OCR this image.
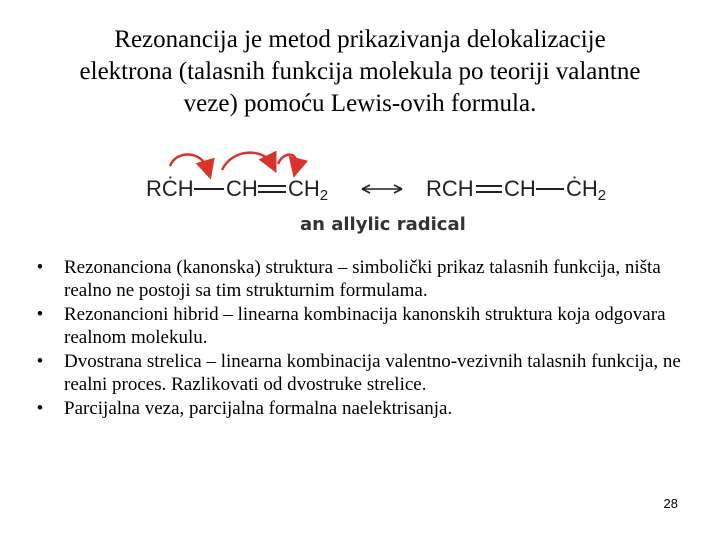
Rezonancija je metod prikazivanja delokalizacije
elektrona (talasnih funkcija molekula po teoriji valantne
veze) pomoću Lewis-ovih formula.
RĊH CH CH2	RCH CH ĊH2
an allylic radical
•	Rezonanciona (kanonska) struktura – simbolički prikaz talasnih funkcija, ništa realno ne postoji sa tim strukturnim formulama.
•	Rezonancioni hibrid – linearna kombinacija kanonskih struktura koja odgovara realnom molekulu.
•	Dvostrana strelica – linearna kombinacija valentno-vezivnih talasnih funkcija, ne realni proces. Razlikovati od dvostruke strelice.
•	Parcijalna veza, parcijalna formalna naelektrisanja.
28
